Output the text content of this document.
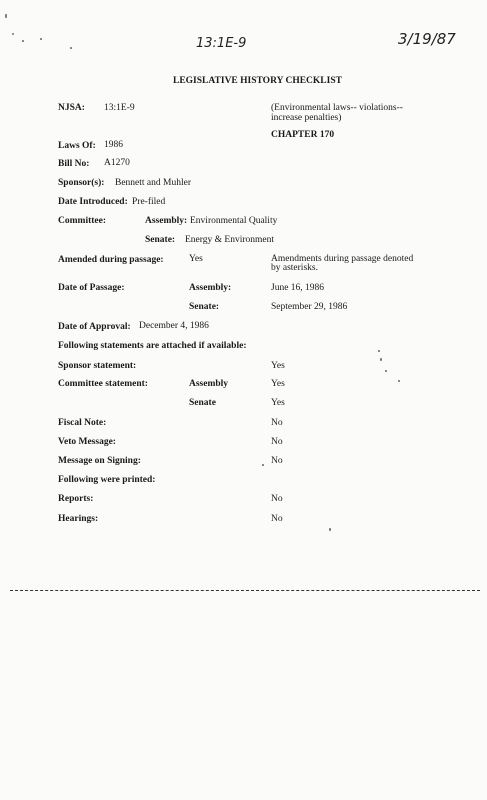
13:1E-9	3/19/87
LEGISLATIVE HISTORY CHECKLIST
NJSA: 13:1E-9	(Environmental laws-- violations--
increase penalties)
CHAPTER 170
Laws Of: 1986
Bill No: A1270
Sponsor(s): Bennett and Muhler
Date Introduced: Pre-filed
Committee:	Assembly: Environmental Quality
Senate: Energy & Environment
Amended during passage:	Yes	Amendments during passage denoted
by asterisks.
Date of Passage:	Assembly:	June 16, 1986
Senate:	September 29, 1986
Date of Approval: December 4, 1986
Following statements are attached if available:
Sponsor statement:	Yes
Committee statement:	Assembly	Yes
Senate	Yes
Fiscal Note:	No
Veto Message:	No
Message on Signing:	No
Following were printed:
Reports:	No
Hearings:	No
